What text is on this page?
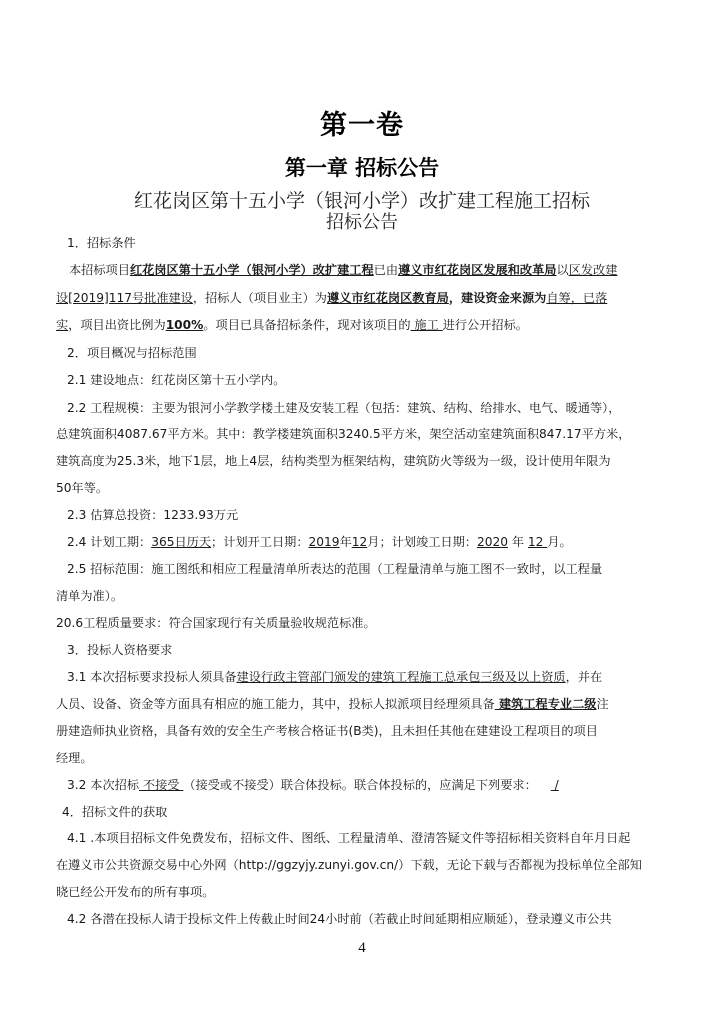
第一卷
第一章 招标公告
红花岗区第十五小学（银河小学）改扩建工程施工招标
招标公告
1．招标条件
本招标项目红花岗区第十五小学（银河小学）改扩建工程已由遵义市红花岗区发展和改革局以区发改建
设[2019]117号批准建设，招标人（项目业主）为遵义市红花岗区教育局，建设资金来源为自筹，已落
实，项目出资比例为100%。项目已具备招标条件，现对该项目的 施工 进行公开招标。
2．项目概况与招标范围
2.1 建设地点：红花岗区第十五小学内。
2.2 工程规模：主要为银河小学教学楼土建及安装工程（包括：建筑、结构、给排水、电气、暖通等），
总建筑面积4087.67平方米。其中：教学楼建筑面积3240.5平方米，架空活动室建筑面积847.17平方米，
建筑高度为25.3米，地下1层，地上4层，结构类型为框架结构，建筑防火等级为一级，设计使用年限为
50年等。
2.3 估算总投资：1233.93万元
2.4 计划工期：365日历天；计划开工日期：2019年12月；计划竣工日期：2020 年 12 月。
2.5 招标范围：施工图纸和相应工程量清单所表达的范围（工程量清单与施工图不一致时，以工程量
清单为准）。
20.6工程质量要求：符合国家现行有关质量验收规范标准。
3．投标人资格要求
3.1 本次招标要求投标人须具备建设行政主管部门颁发的建筑工程施工总承包三级及以上资质，并在
人员、设备、资金等方面具有相应的施工能力，其中，投标人拟派项目经理须具备 建筑工程专业二级注
册建造师执业资格，具备有效的安全生产考核合格证书(B类)，且未担任其他在建建设工程项目的项目
经理。
3.2 本次招标 不接受 （接受或不接受）联合体投标。联合体投标的，应满足下列要求： /
4．招标文件的获取
4.1 .本项目招标文件免费发布，招标文件、图纸、工程量清单、澄清答疑文件等招标相关资料自年月日起
在遵义市公共资源交易中心外网（http://ggzyjy.zunyi.gov.cn/）下载，无论下载与否都视为投标单位全部知
晓已经公开发布的所有事项。
4.2 各潜在投标人请于投标文件上传截止时间24小时前（若截止时间延期相应顺延），登录遵义市公共
4
